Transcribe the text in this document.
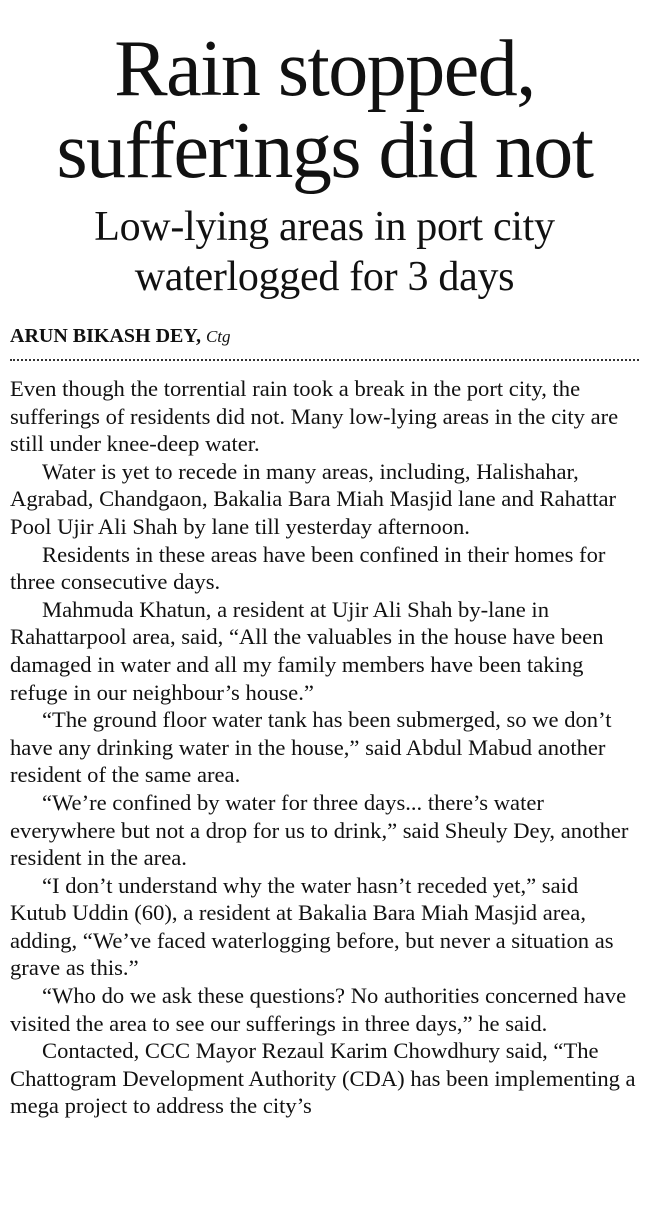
Rain stopped,
sufferings did not
Low-lying areas in port city
waterlogged for 3 days
ARUN BIKASH DEY, Ctg

Even though the torrential rain took a break in the port city, the sufferings of residents did not. Many low-lying areas in the city are still under knee-deep water.

Water is yet to recede in many areas, including, Halishahar, Agrabad, Chandgaon, Bakalia Bara Miah Masjid lane and Rahattar Pool Ujir Ali Shah by lane till yesterday afternoon.

Residents in these areas have been confined in their homes for three consecutive days.

Mahmuda Khatun, a resident at Ujir Ali Shah by-lane in Rahattarpool area, said, “All the valuables in the house have been damaged in water and all my family members have been taking refuge in our neighbour’s house.”

“The ground floor water tank has been submerged, so we don’t have any drinking water in the house,” said Abdul Mabud another resident of the same area.

“We’re confined by water for three days... there’s water everywhere but not a drop for us to drink,” said Sheuly Dey, another resident in the area.

“I don’t understand why the water hasn’t receded yet,” said Kutub Uddin (60), a resident at Bakalia Bara Miah Masjid area, adding, “We’ve faced waterlogging before, but never a situation as grave as this.”

“Who do we ask these questions? No authorities concerned have visited the area to see our sufferings in three days,” he said.

Contacted, CCC Mayor Rezaul Karim Chowdhury said, “The Chattogram Development Authority (CDA) has been implementing a mega project to address the city’s
